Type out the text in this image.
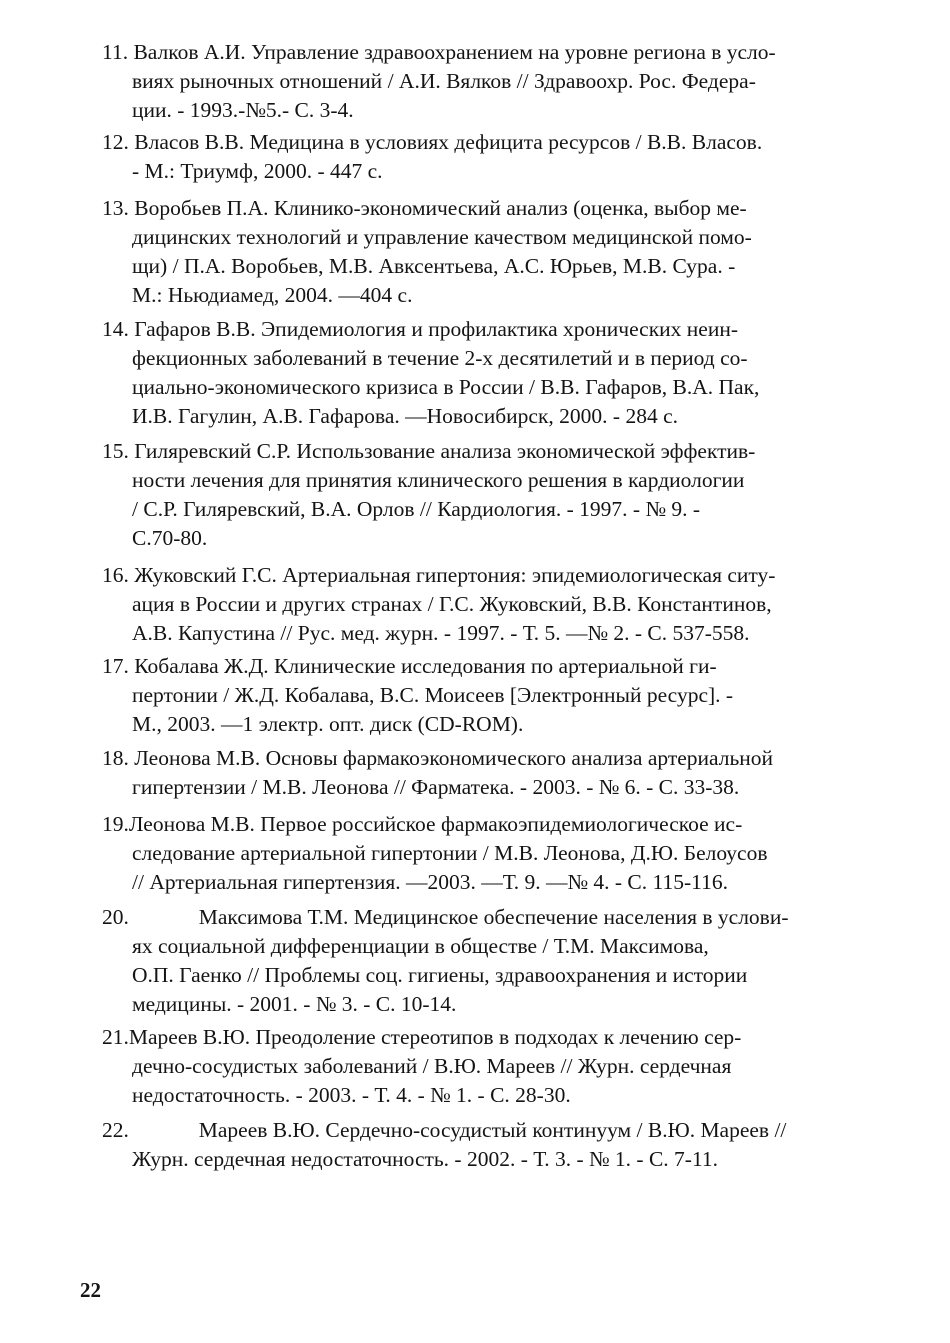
11. Валков А.И. Управление здравоохранением на уровне региона в усло-
виях рыночных отношений / А.И. Вялков // Здравоохр. Рос. Федера-
ции. - 1993.-№5.- С. 3-4.
12. Власов В.В. Медицина в условиях дефицита ресурсов / В.В. Власов.
- М.: Триумф, 2000. - 447 с.
13. Воробьев П.А. Клинико-экономический анализ (оценка, выбор ме-
дицинских технологий и управление качеством медицинской помо-
щи) / П.А. Воробьев, М.В. Авксентьева, А.С. Юрьев, М.В. Сура. -
М.: Ньюдиамед, 2004. —404 с.
14. Гафаров В.В. Эпидемиология и профилактика хронических неин-
фекционных заболеваний в течение 2-х десятилетий и в период со-
циально-экономического кризиса в России / В.В. Гафаров, В.А. Пак,
И.В. Гагулин, А.В. Гафарова. —Новосибирск, 2000. - 284 с.
15. Гиляревский С.Р. Использование анализа экономической эффектив-
ности лечения для принятия клинического решения в кардиологии
/ С.Р. Гиляревский, В.А. Орлов // Кардиология. - 1997. - № 9. -
С.70-80.
16. Жуковский Г.С. Артериальная гипертония: эпидемиологическая ситу-
ация в России и других странах / Г.С. Жуковский, В.В. Константинов,
А.В. Капустина // Рус. мед. журн. - 1997. - Т. 5. —№ 2. - С. 537-558.
17. Кобалава Ж.Д. Клинические исследования по артериальной ги-
пертонии / Ж.Д. Кобалава, В.С. Моисеев [Электронный ресурс]. -
М., 2003. —1 электр. опт. диск (CD-ROM).
18. Леонова М.В. Основы фармакоэкономического анализа артериальной
гипертензии / М.В. Леонова // Фарматека. - 2003. - № 6. - С. 33-38.
19.Леонова М.В. Первое российское фармакоэпидемиологическое ис-
следование артериальной гипертонии / М.В. Леонова, Д.Ю. Белоусов
// Артериальная гипертензия. —2003. —Т. 9. —№ 4. - С. 115-116.
20.             Максимова Т.М. Медицинское обеспечение населения в услови-
ях социальной дифференциации в обществе / Т.М. Максимова,
О.П. Гаенко // Проблемы соц. гигиены, здравоохранения и истории
медицины. - 2001. - № 3. - С. 10-14.
21.Мареев В.Ю. Преодоление стереотипов в подходах к лечению сер-
дечно-сосудистых заболеваний / В.Ю. Мареев // Журн. сердечная
недостаточность. - 2003. - Т. 4. - № 1. - С. 28-30.
22.             Мареев В.Ю. Сердечно-сосудистый континуум / В.Ю. Мареев //
Журн. сердечная недостаточность. - 2002. - Т. 3. - № 1. - С. 7-11.
22
